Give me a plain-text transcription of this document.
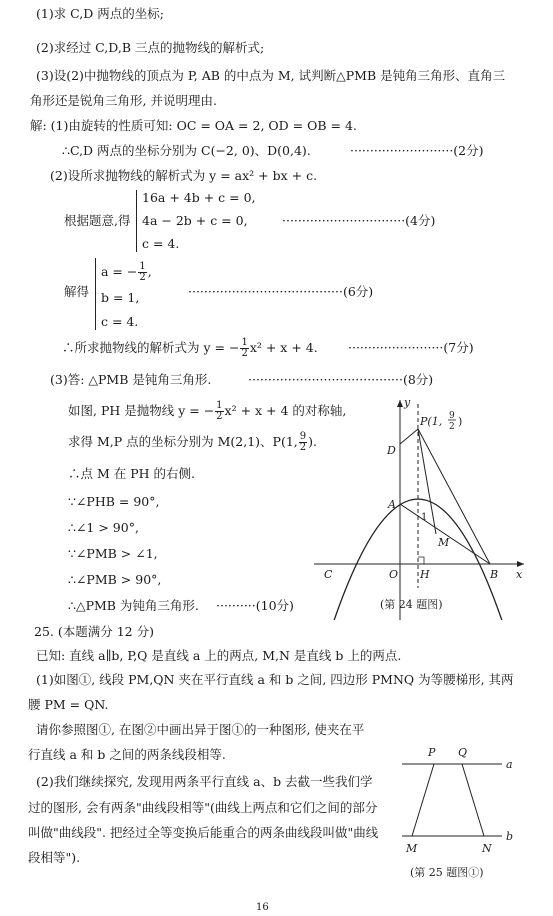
(1)求 C,D 两点的坐标;
(2)求经过 C,D,B 三点的抛物线的解析式;
(3)设(2)中抛物线的顶点为 P, AB 的中点为 M, 试判断△PMB 是钝角三角形、直角三
角形还是锐角三角形, 并说明理由.
解: (1)由旋转的性质可知: OC = OA = 2, OD = OB = 4.
∴C,D 两点的坐标分别为 C(−2, 0)、D(0,4).	··························(2分)
(2)设所求抛物线的解析式为 y = ax² + bx + c.
根据题意,得
16a + 4b + c = 0,
4a − 2b + c = 0,
c = 4.
·······························(4分)
解得
a = − $\frac{1}{2}$ ,
b = 1,
c = 4.
·······································(6分)
∴所求抛物线的解析式为 y = − $\frac{1}{2} x^2 + x + 4$. ························(7分)
(3)答: △PMB 是钝角三角形.	·······································(8分)
如图, PH 是抛物线 y = − $\frac{1}{2} x^2 + x + 4$ 的对称轴,
求得 M,P 点的坐标分别为 M(2,1)、P(1, $\frac{9}{2}$ ).
∴点 M 在 PH 的右侧.
∵∠PHB = 90°,
∴∠1 > 90°,
∵∠PMB > ∠1,
∴∠PMB > 90°,
∴△PMB 为钝角三角形. ··········(10分)
y
x
P(1, 9
2 )
D
A
1
M
C	O H	B
(第 24 题图)
25. (本题满分 12 分)
已知: 直线 a∥b, P,Q 是直线 a 上的两点, M,N 是直线 b 上的两点.
(1)如图①, 线段 PM,QN 夹在平行直线 a 和 b 之间, 四边形 PMNQ 为等腰梯形, 其两
腰 PM = QN.
请你参照图①, 在图②中画出异于图①的一种图形, 使夹在平
行直线 a 和 b 之间的两条线段相等.
(2)我们继续探究, 发现用两条平行直线 a、b 去截一些我们学
过的图形, 会有两条"曲线段相等"(曲线上两点和它们之间的部分
叫做"曲线段". 把经过全等变换后能重合的两条曲线段叫做"曲线
段相等").
P Q
a
b
M	N
(第 25 题图①)
16
